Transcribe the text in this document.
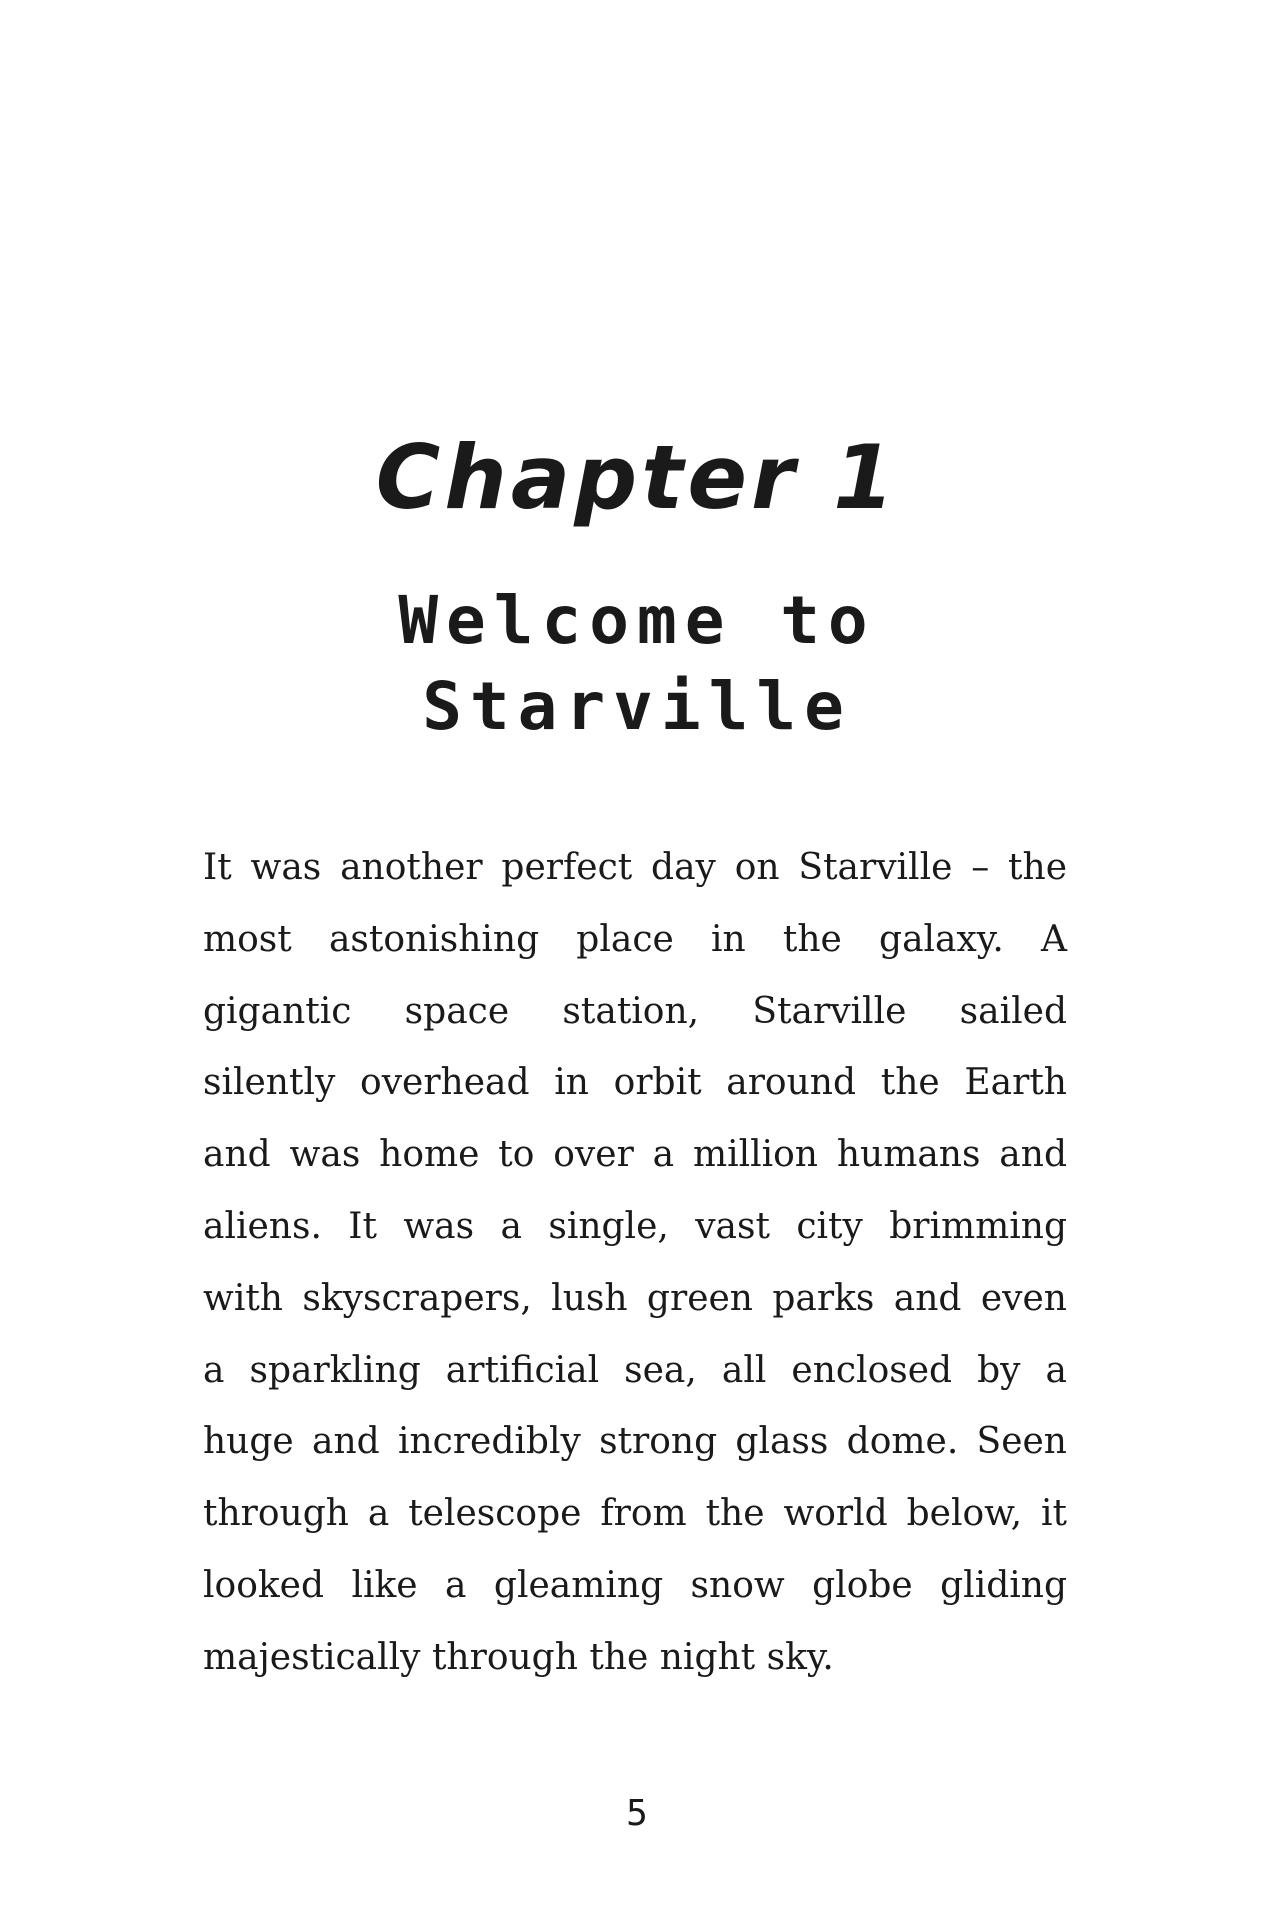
Chapter 1
Welcome to
Starville
It was another perfect day on Starville – the
most astonishing place in the galaxy. A
gigantic space station, Starville sailed
silently overhead in orbit around the Earth
and was home to over a million humans and
aliens. It was a single, vast city brimming
with skyscrapers, lush green parks and even
a sparkling artificial sea, all enclosed by a
huge and incredibly strong glass dome. Seen
through a telescope from the world below, it
looked like a gleaming snow globe gliding
majestically through the night sky.
5
